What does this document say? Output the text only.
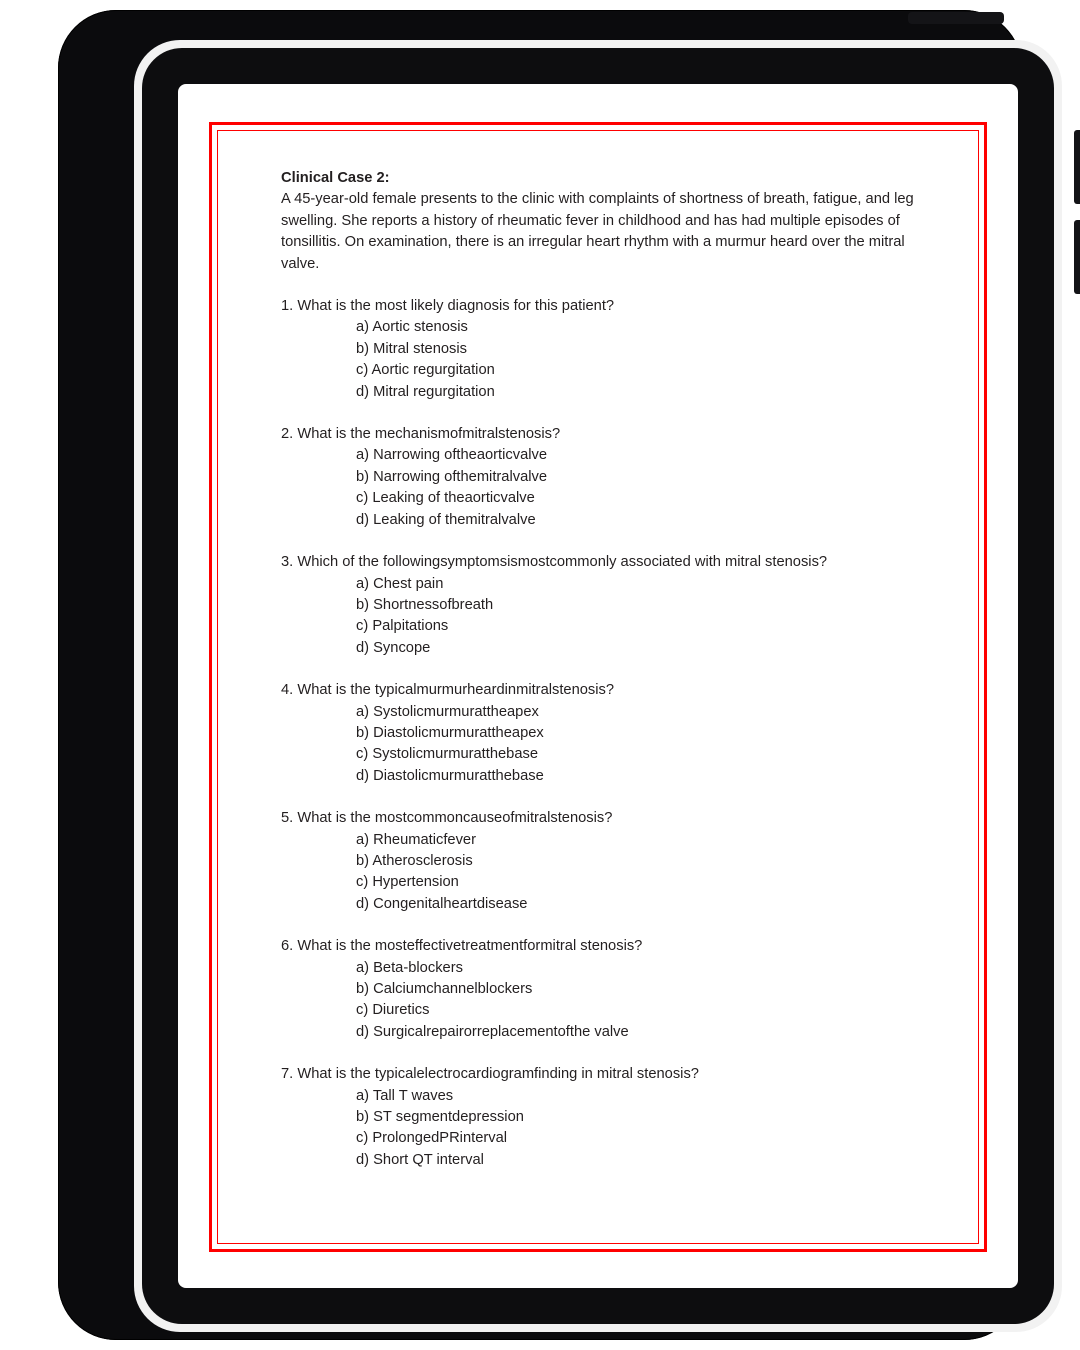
Clinical Case 2:

A 45-year-old female presents to the clinic with complaints of shortness of breath, fatigue, and leg swelling. She reports a history of rheumatic fever in childhood and has had multiple episodes of tonsillitis. On examination, there is an irregular heart rhythm with a murmur heard over the mitral valve.

1. What is the most likely diagnosis for this patient?

a) Aortic stenosis

b) Mitral stenosis

c) Aortic regurgitation

d) Mitral regurgitation

2. What is the mechanismofmitralstenosis?

a) Narrowing oftheaorticvalve

b) Narrowing ofthemitralvalve

c) Leaking of theaorticvalve

d) Leaking of themitralvalve

3. Which of the followingsymptomsismostcommonly associated with mitral stenosis?

a) Chest pain

b) Shortnessofbreath

c) Palpitations

d) Syncope

4. What is the typicalmurmurheardinmitralstenosis?

a) Systolicmurmurattheapex

b) Diastolicmurmurattheapex

c) Systolicmurmuratthebase

d) Diastolicmurmuratthebase

5. What is the mostcommoncauseofmitralstenosis?

a) Rheumaticfever

b) Atherosclerosis

c) Hypertension

d) Congenitalheartdisease

6. What is the mosteffectivetreatmentformitral stenosis?

a) Beta-blockers

b) Calciumchannelblockers

c) Diuretics

d) Surgicalrepairorreplacementofthe valve

7. What is the typicalelectrocardiogramfinding in mitral stenosis?

a) Tall T waves

b) ST segmentdepression

c) ProlongedPRinterval

d) Short QT interval
